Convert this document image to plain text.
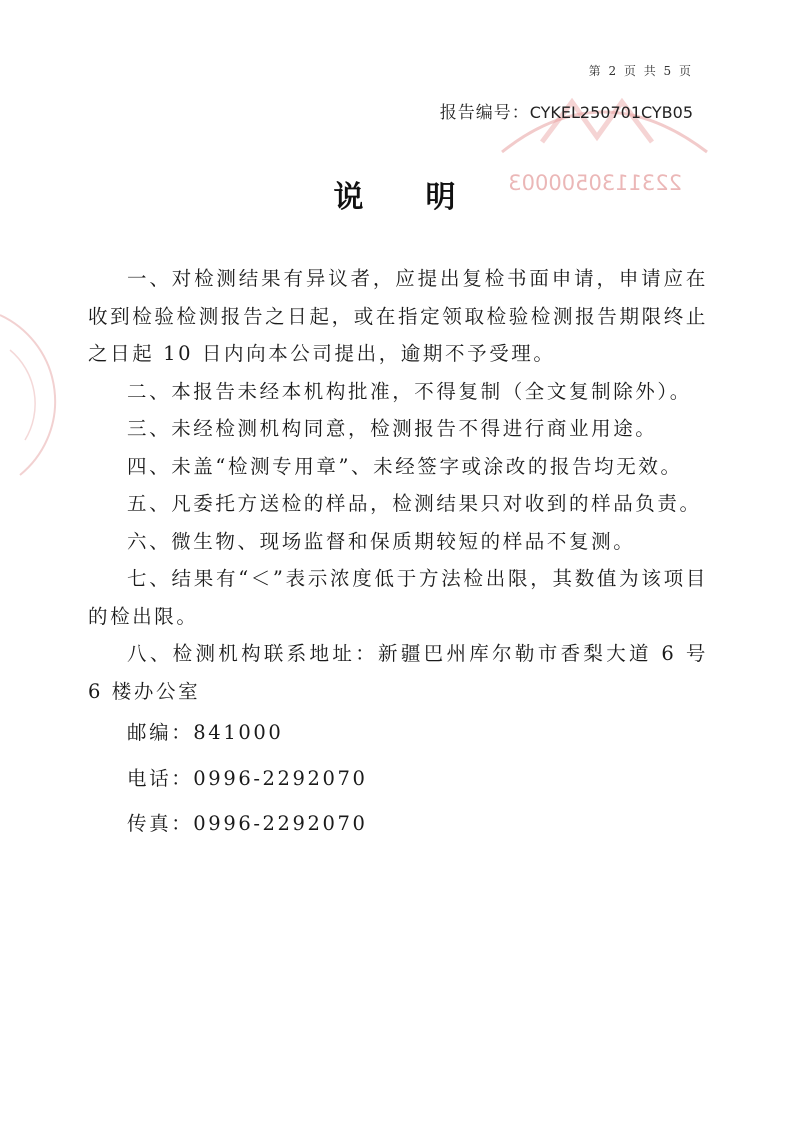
2231130500003
第 2 页 共 5 页
报告编号：CYKEL250701CYB05
说明

一、对检测结果有异议者，应提出复检书面申请，申请应在收到检验检测报告之日起，或在指定领取检验检测报告期限终止之日起 10 日内向本公司提出，逾期不予受理。

二、本报告未经本机构批准，不得复制（全文复制除外）。

三、未经检测机构同意，检测报告不得进行商业用途。

四、未盖“检测专用章”、未经签字或涂改的报告均无效。

五、凡委托方送检的样品，检测结果只对收到的样品负责。

六、微生物、现场监督和保质期较短的样品不复测。

七、结果有“＜”表示浓度低于方法检出限，其数值为该项目的检出限。

八、检测机构联系地址：新疆巴州库尔勒市香梨大道 6 号 6 楼办公室

邮编：841000

电话：0996-2292070

传真：0996-2292070
